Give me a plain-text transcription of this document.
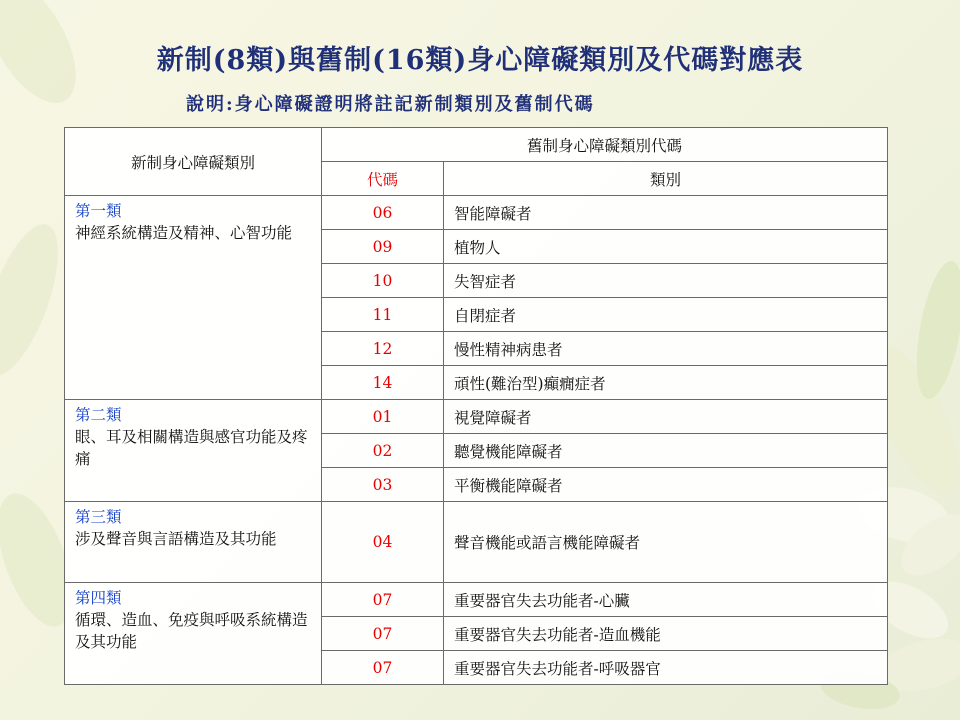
新制(8類)與舊制(16類)身心障礙類別及代碼對應表
說明:身心障礙證明將註記新制類別及舊制代碼
新制身心障礙類別	舊制身心障礙類別代碼	
	代碼	類別

第一類
神經系統構造及精神、心智功能	06	智能障礙者
	09	植物人
	10	失智症者
	11	自閉症者
	12	慢性精神病患者
	14	頑性(難治型)癲癇症者

第二類
眼、耳及相關構造與感官功能及疼痛	01	視覺障礙者
	02	聽覺機能障礙者
	03	平衡機能障礙者

第三類
涉及聲音與言語構造及其功能	04	聲音機能或語言機能障礙者

第四類
循環、造血、免疫與呼吸系統構造及其功能	07	重要器官失去功能者-心臟
	07	重要器官失去功能者-造血機能
	07	重要器官失去功能者-呼吸器官
